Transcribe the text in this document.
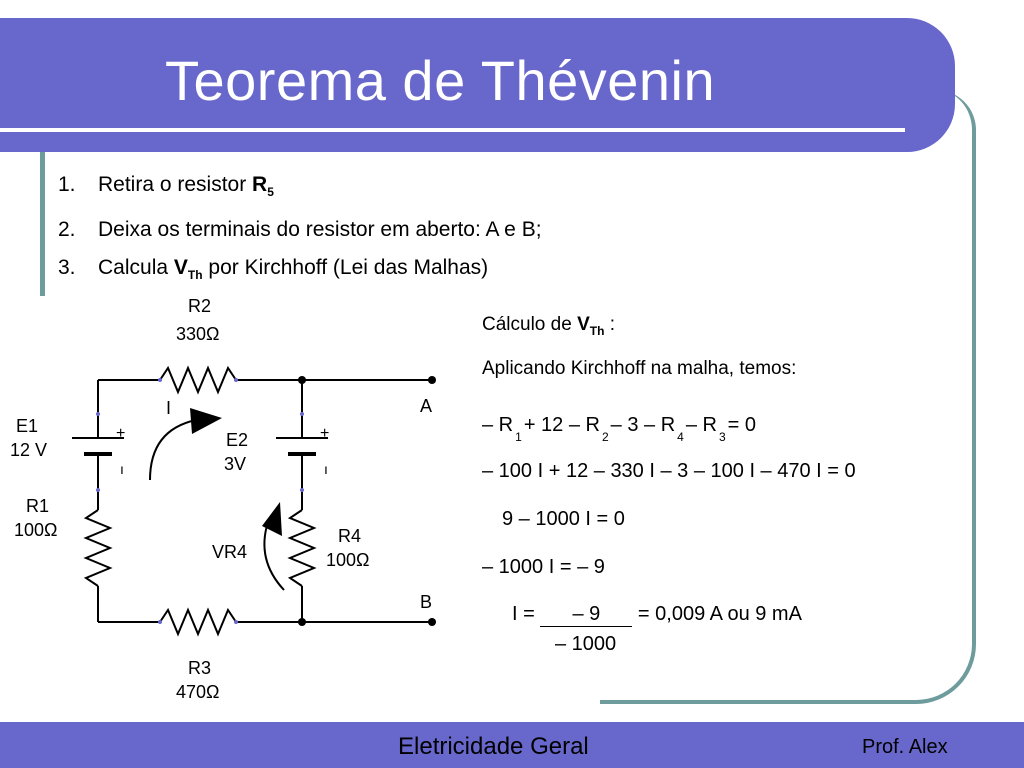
Teorema de Thévenin
1. Retira o resistor $R_5$
2. Deixa os terminais do resistor em aberto: A e B;
3. Calcula $V_{Th}$ por Kirchhoff (Lei das Malhas)
Cálculo de $V_{Th}$ :
Aplicando Kirchhoff na malha, temos:
– $R_1+ 12 - R_2-$ $3 - R_4-$ $R_3= 0$
– 100 I + 12 – 330 I – 3 – 100 I – 470 I = 0
9 – 1000 I = 0
– 1000 I = – 9
I = – 9 = 0,009 A ou 9 mA
– 1000
R2
330Ω
R3
470Ω
E1
12 V
R1
100Ω
E2
3V
R4
100Ω
VR4
I	A
B
+
ı
+
ı
Eletricidade Geral	Prof. Alex
